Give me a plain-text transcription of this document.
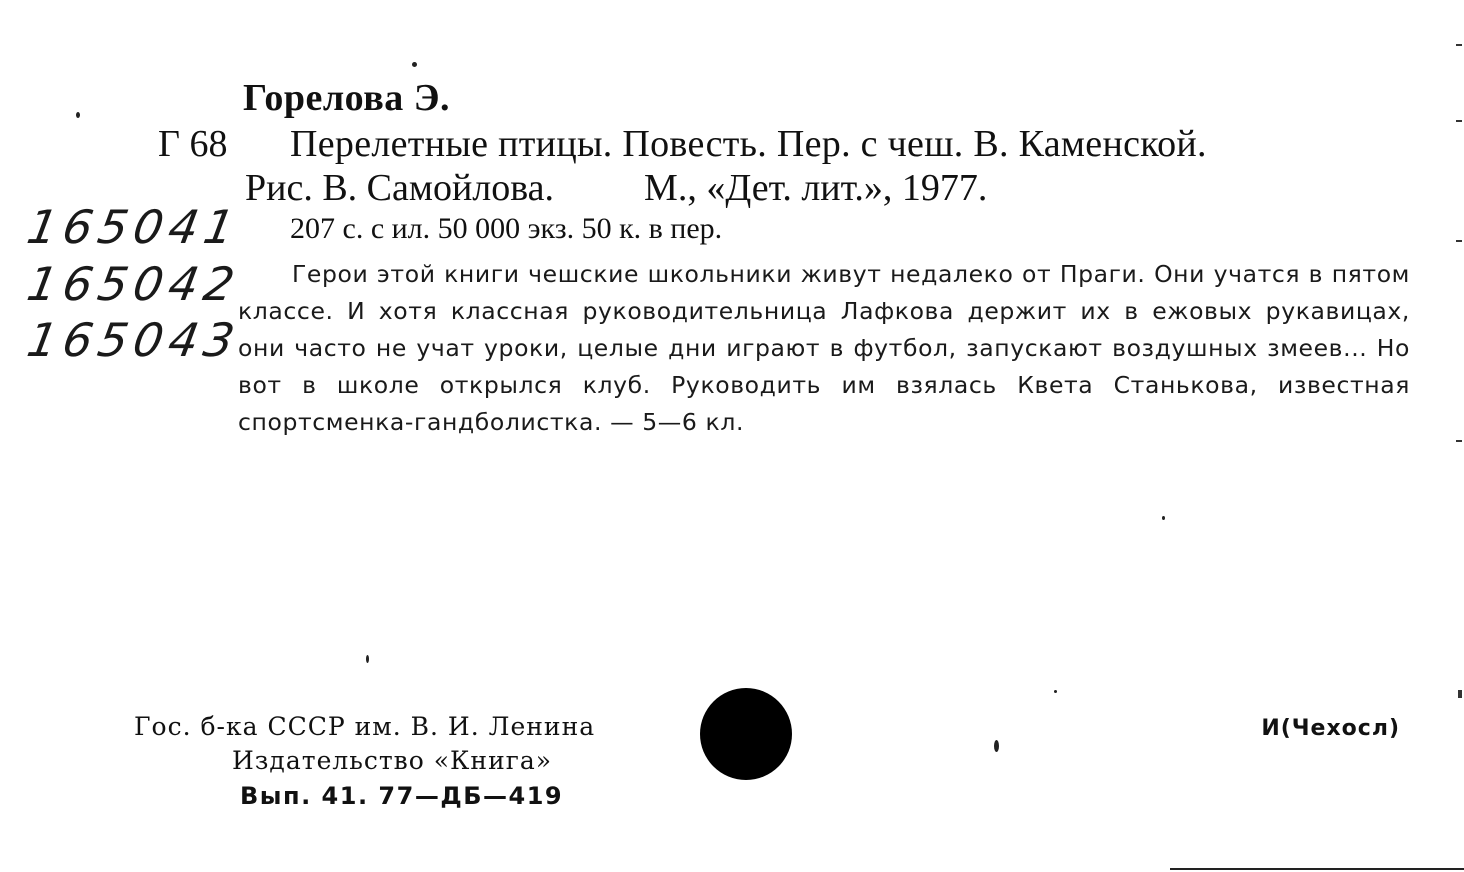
Горелова Э.
Г 68 Перелетные птицы. Повесть. Пер. с чеш. В. Каменской.
Рис. В. Самойлова. М., «Дет. лит.», 1977.
207 с. с ил. 50 000 экз. 50 к. в пер.
165041
165042
165043
Герои этой книги чешские школьники живут недалеко от Праги. Они учатся в пятом классе. И хотя классная руководительница Лафкова держит их в ежовых рукавицах, они часто не учат уроки, целые дни играют в футбол, запускают воздушных змеев... Но вот в школе открылся клуб. Руководить им взялась Квета Станькова, известная спортсменка-гандболистка. — 5—6 кл.
Гос. б-ка СССР им. В. И. Ленина
Издательство «Книга»
Вып. 41. 77—ДБ—419
И(Чехосл)
